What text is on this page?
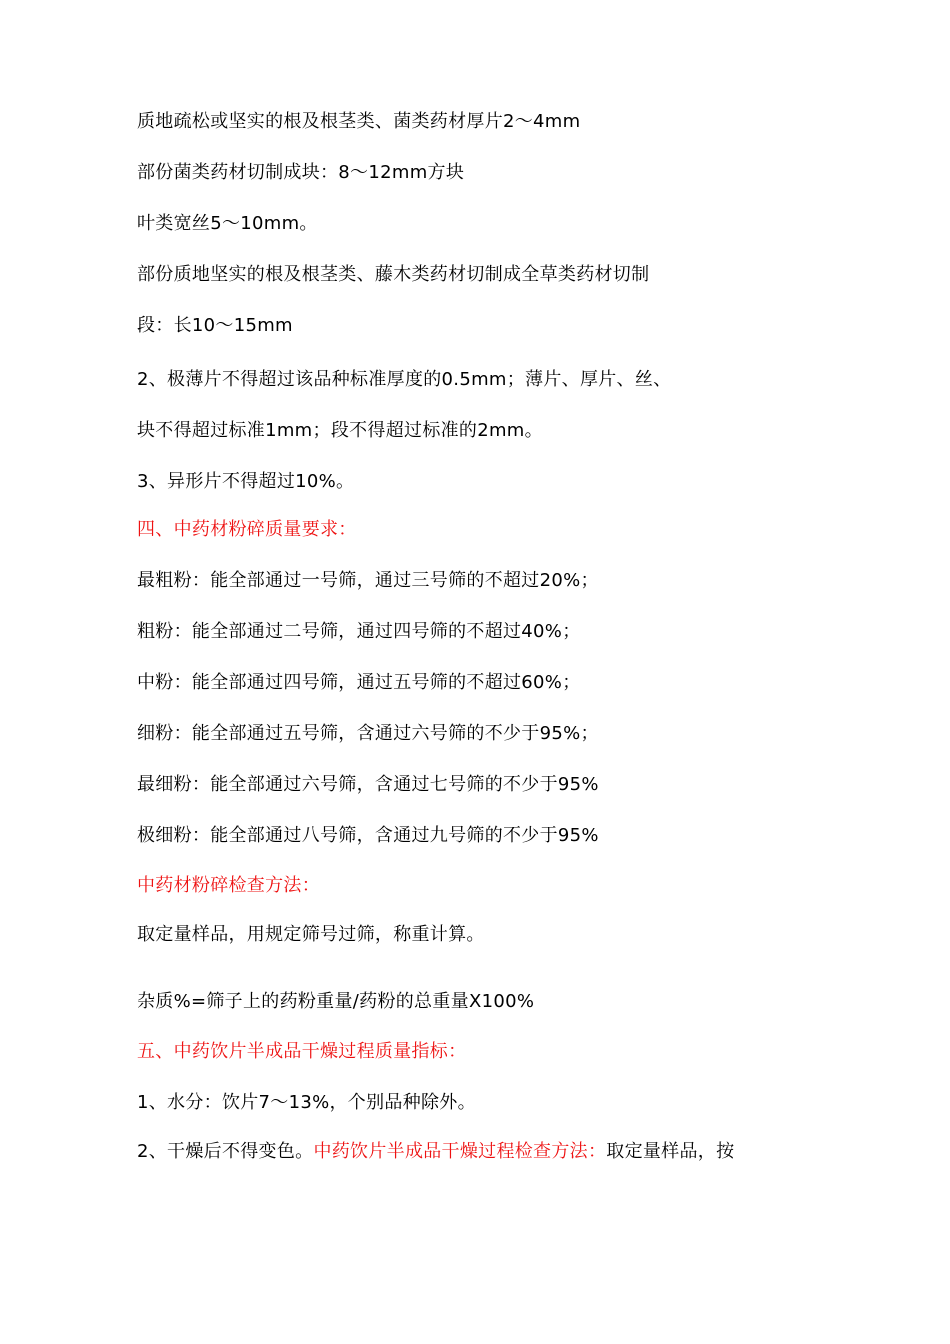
质地疏松或坚实的根及根茎类、菌类药材厚片2～4mm
部份菌类药材切制成块：8～12mm方块
叶类宽丝5～10mm。
部份质地坚实的根及根茎类、藤木类药材切制成全草类药材切制
段：长10～15mm
2、极薄片不得超过该品种标准厚度的0.5mm；薄片、厚片、丝、
块不得超过标准1mm；段不得超过标准的2mm。
3、异形片不得超过10%。
四、中药材粉碎质量要求：
最粗粉：能全部通过一号筛，通过三号筛的不超过20%；
粗粉：能全部通过二号筛，通过四号筛的不超过40%；
中粉：能全部通过四号筛，通过五号筛的不超过60%；
细粉：能全部通过五号筛，含通过六号筛的不少于95%；
最细粉：能全部通过六号筛，含通过七号筛的不少于95%
极细粉：能全部通过八号筛，含通过九号筛的不少于95%
中药材粉碎检查方法：
取定量样品，用规定筛号过筛，称重计算。
杂质%=筛子上的药粉重量/药粉的总重量X100%
五、中药饮片半成品干燥过程质量指标：
1、水分：饮片7～13%，个别品种除外。
2、干燥后不得变色。中药饮片半成品干燥过程检查方法：取定量样品，按
